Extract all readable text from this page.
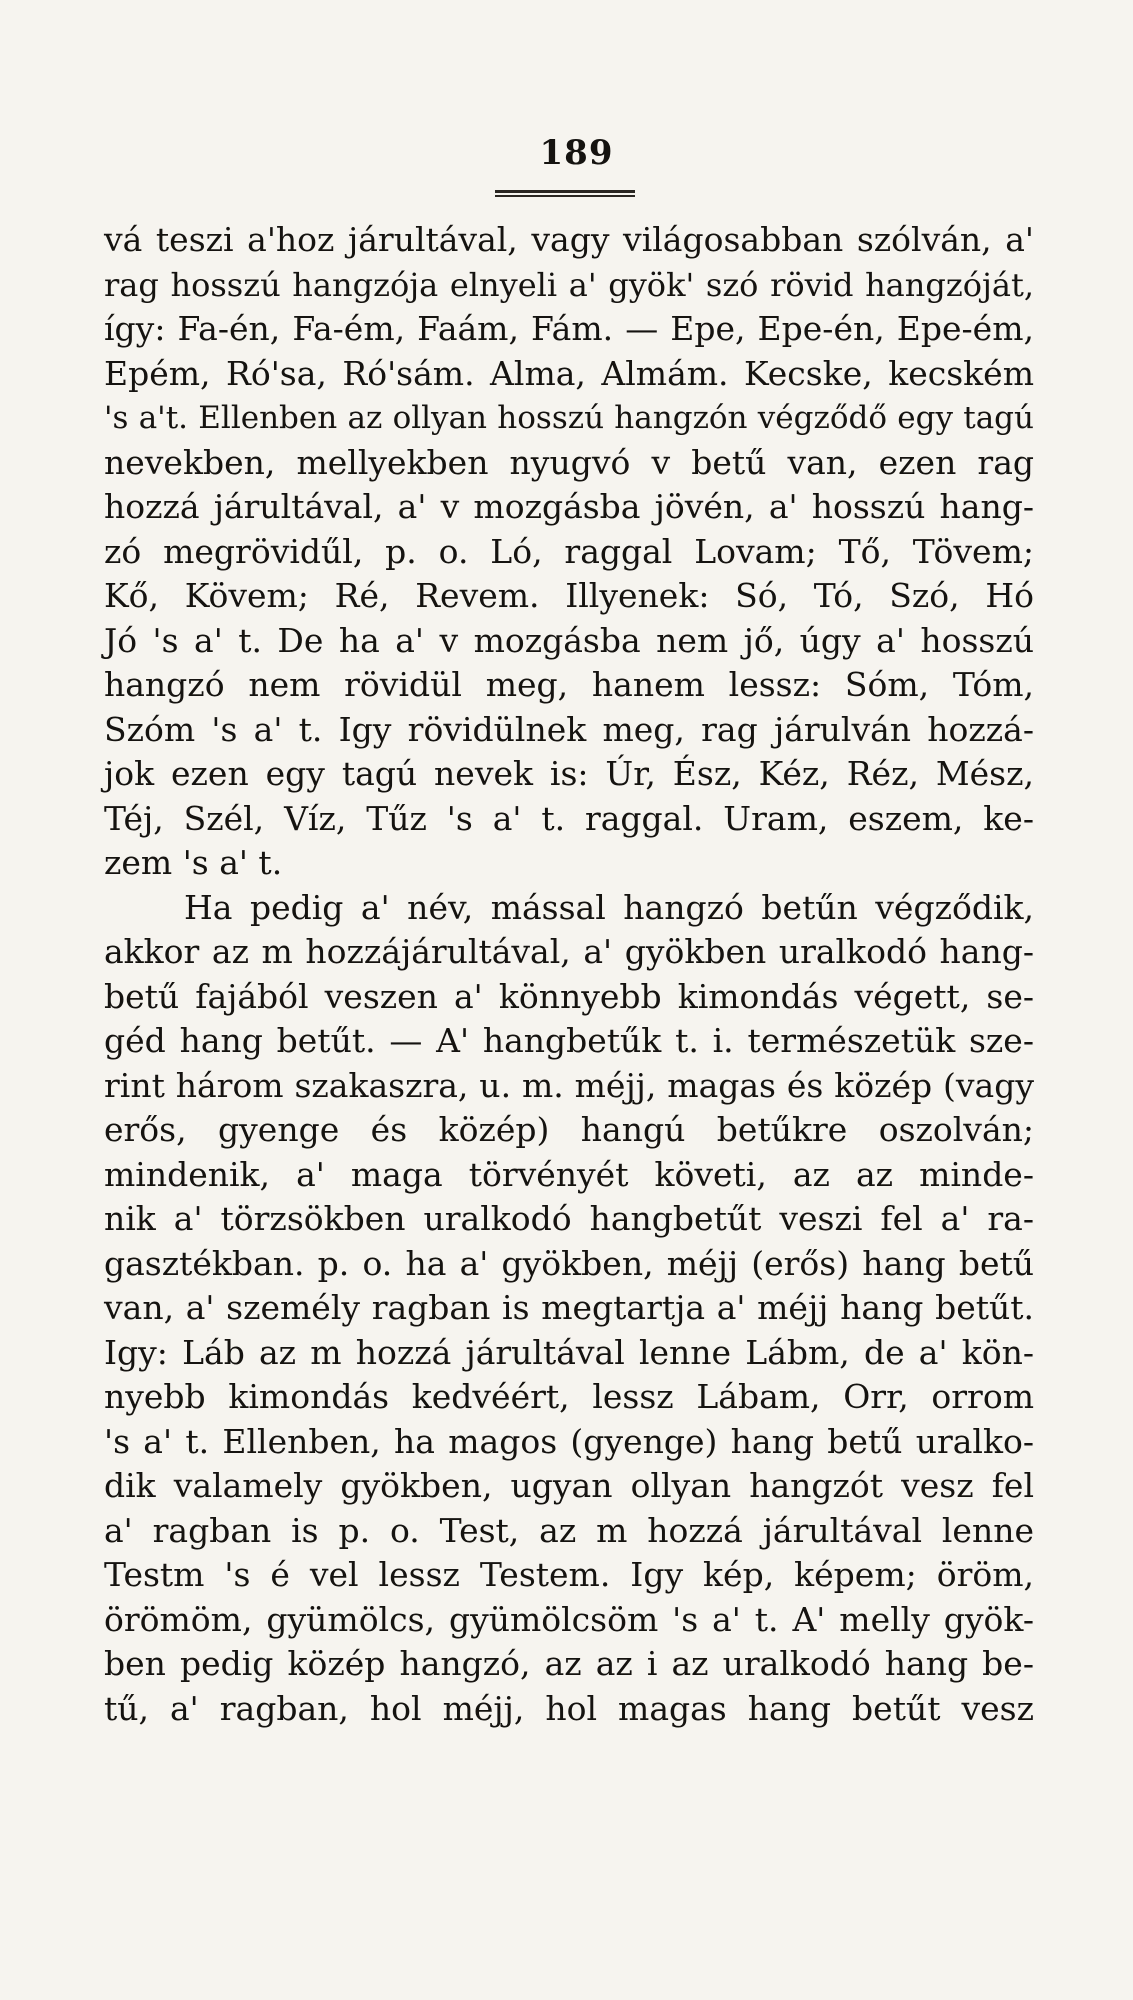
189
vá teszi a'hoz járultával, vagy világosabban szólván, a'
rag hosszú hangzója elnyeli a' gyök' szó rövid hangzóját,
így: Fa-én, Fa-ém, Faám, Fám. — Epe, Epe-én, Epe-ém,
Epém, Ró'sa, Ró'sám. Alma, Almám. Kecske, kecském
's a't. Ellenben az ollyan hosszú hangzón végződő egy tagú
nevekben, mellyekben nyugvó v betű van, ezen rag
hozzá járultával, a' v mozgásba jövén, a' hosszú hang-
zó megrövidűl, p. o. Ló, raggal Lovam; Tő, Tövem;
Kő, Kövem; Ré, Revem. Illyenek: Só, Tó, Szó, Hó
Jó 's a' t. De ha a' v mozgásba nem jő, úgy a' hosszú
hangzó nem rövidül meg, hanem lessz: Sóm, Tóm,
Szóm 's a' t. Igy rövidülnek meg, rag járulván hozzá-
jok ezen egy tagú nevek is: Úr, Ész, Kéz, Réz, Mész,
Téj, Szél, Víz, Tűz 's a' t. raggal. Uram, eszem, ke-
zem 's a' t.
Ha pedig a' név, mással hangzó betűn végződik,
akkor az m hozzájárultával, a' gyökben uralkodó hang-
betű fajából veszen a' könnyebb kimondás végett, se-
géd hang betűt. — A' hangbetűk t. i. természetük sze-
rint három szakaszra, u. m. méjj, magas és közép (vagy
erős, gyenge és közép) hangú betűkre oszolván;
mindenik, a' maga törvényét követi, az az minde-
nik a' törzsökben uralkodó hangbetűt veszi fel a' ra-
gasztékban. p. o. ha a' gyökben, méjj (erős) hang betű
van, a' személy ragban is megtartja a' méjj hang betűt.
Igy: Láb az m hozzá járultával lenne Lábm, de a' kön-
nyebb kimondás kedvéért, lessz Lábam, Orr, orrom
's a' t. Ellenben, ha magos (gyenge) hang betű uralko-
dik valamely gyökben, ugyan ollyan hangzót vesz fel
a' ragban is p. o. Test, az m hozzá járultával lenne
Testm 's é vel lessz Testem. Igy kép, képem; öröm,
örömöm, gyümölcs, gyümölcsöm 's a' t. A' melly gyök-
ben pedig közép hangzó, az az i az uralkodó hang be-
tű, a' ragban, hol méjj, hol magas hang betűt vesz
